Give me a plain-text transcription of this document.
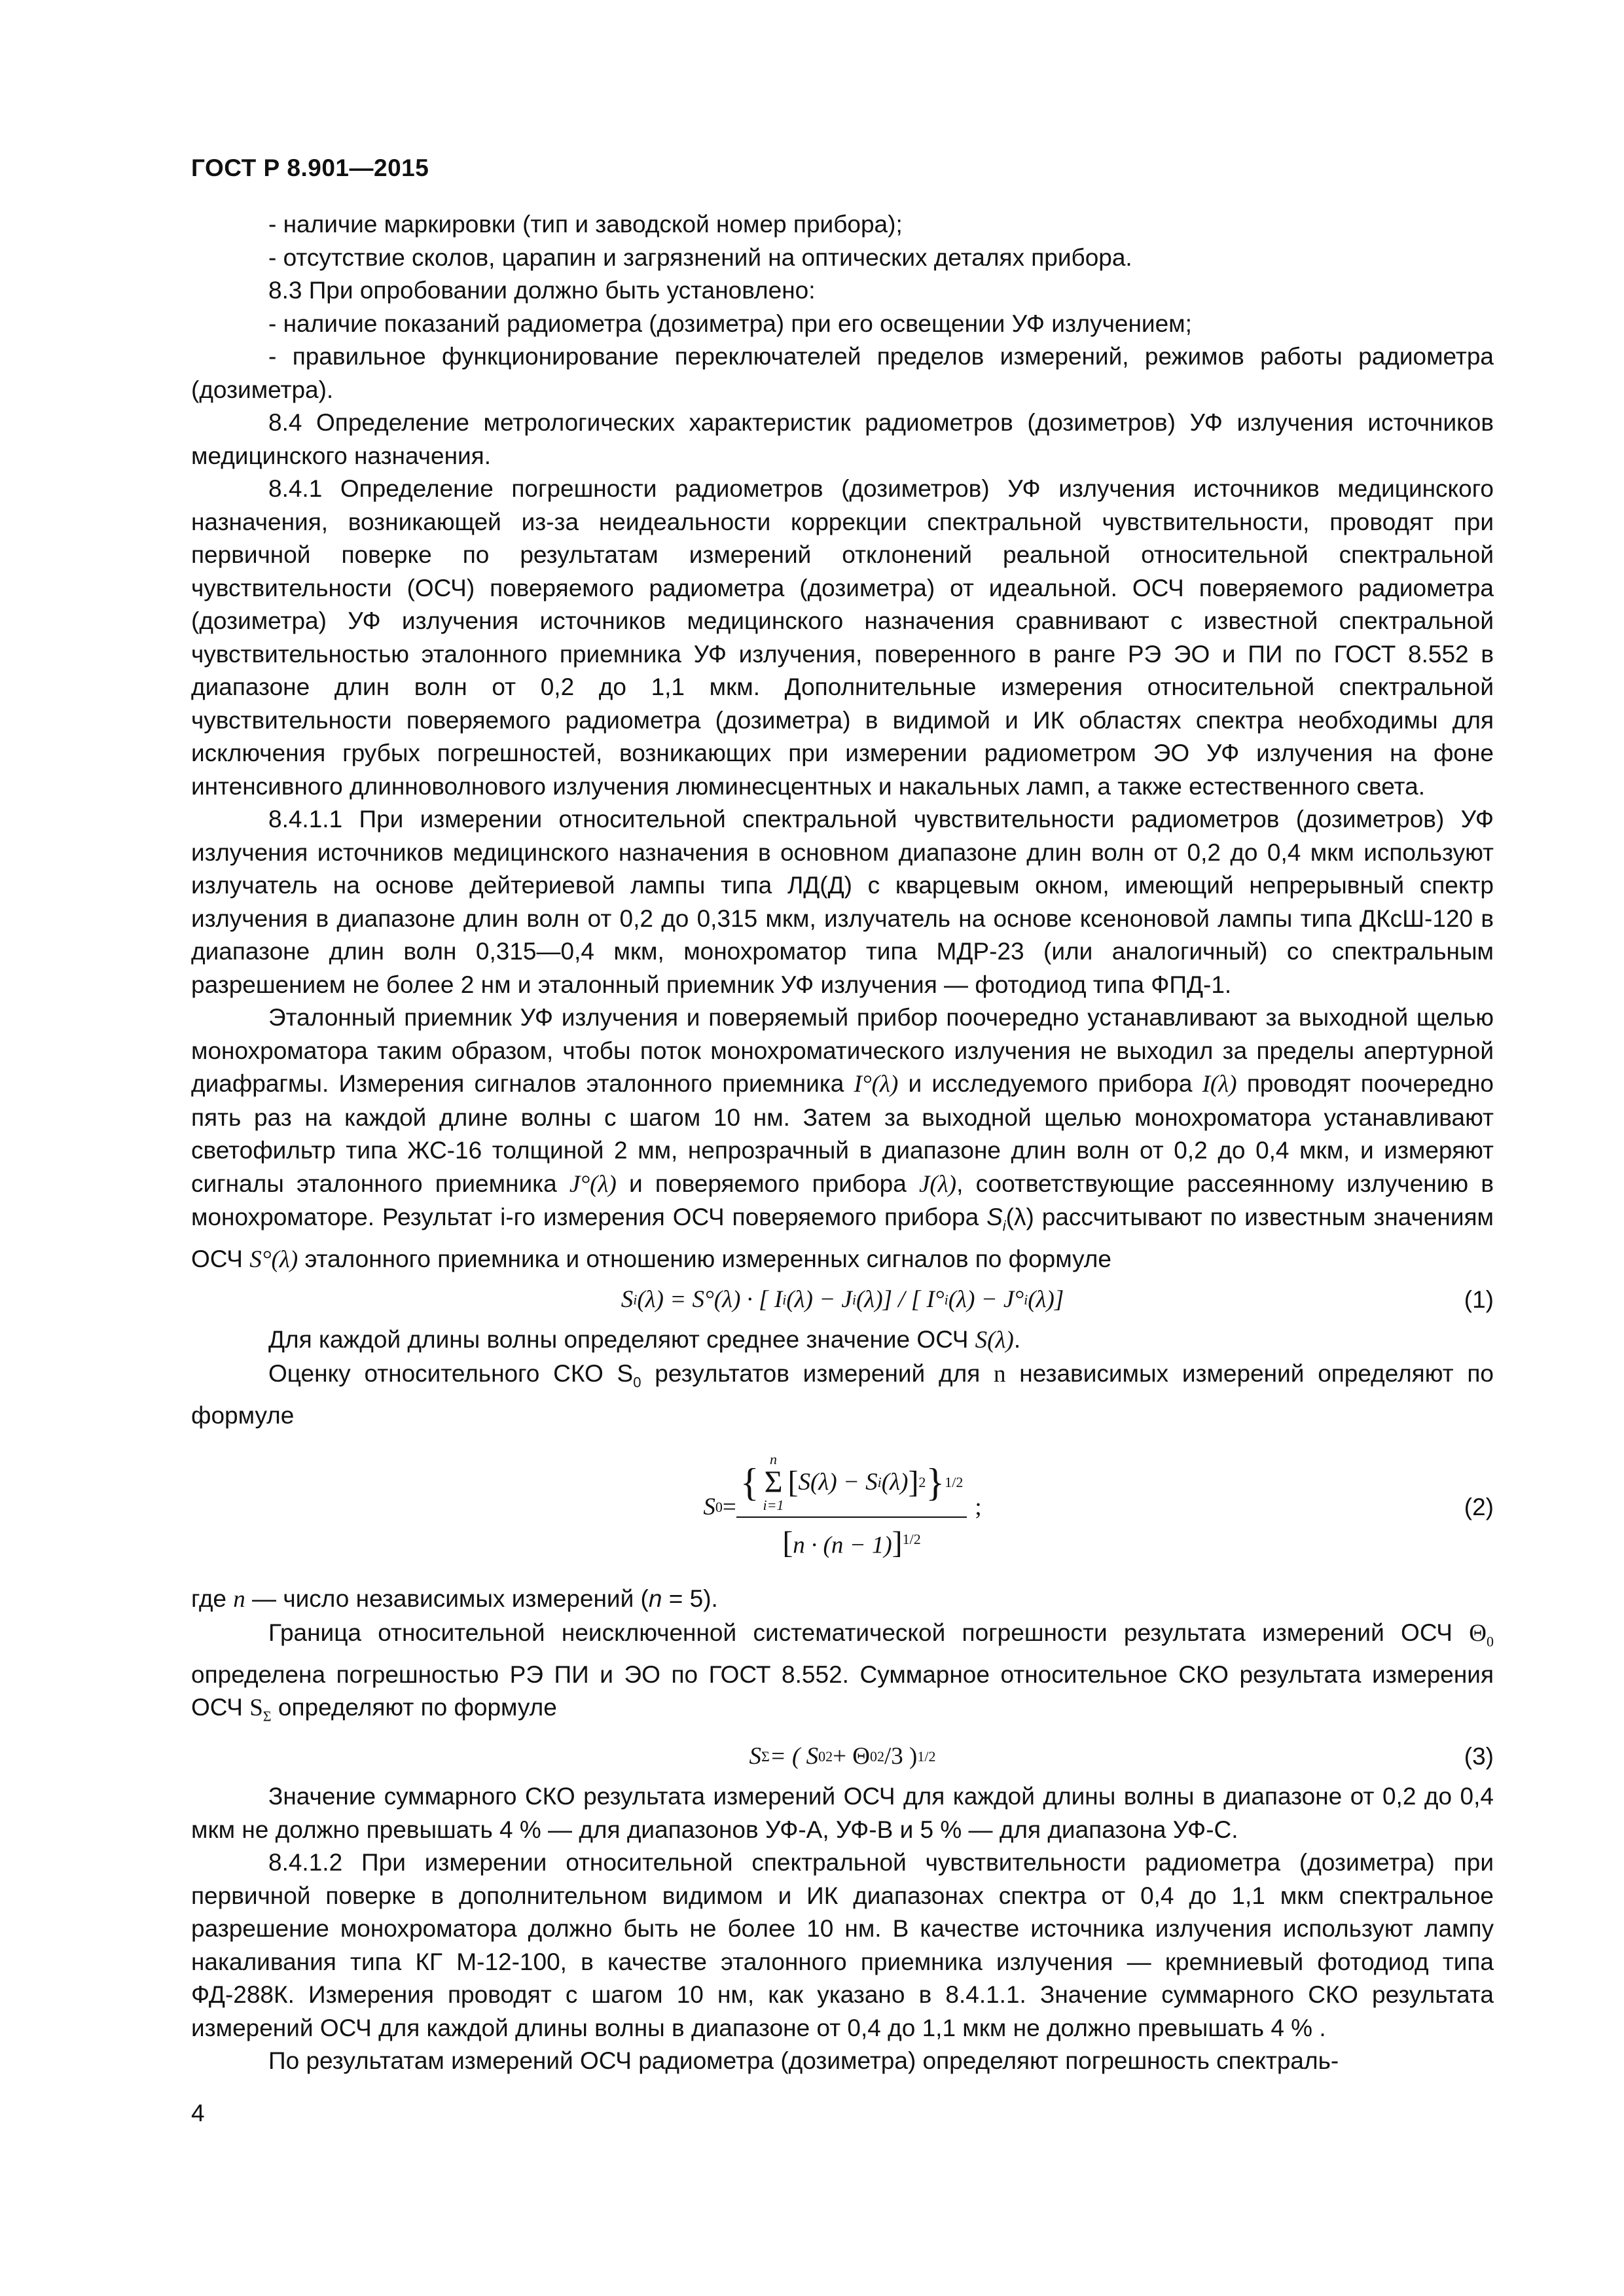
ГОСТ Р 8.901—2015

- наличие маркировки (тип и заводской номер прибора);

- отсутствие сколов, царапин и загрязнений на оптических деталях прибора.

8.3 При опробовании должно быть установлено:

- наличие показаний радиометра (дозиметра) при его освещении УФ излучением;

- правильное функционирование переключателей пределов измерений, режимов работы радиометра (дозиметра).

8.4 Определение метрологических характеристик радиометров (дозиметров) УФ излучения источников медицинского назначения.

8.4.1 Определение погрешности радиометров (дозиметров) УФ излучения источников медицинского назначения, возникающей из-за неидеальности коррекции спектральной чувствительности, проводят при первичной поверке по результатам измерений отклонений реальной относительной спектральной чувствительности (ОСЧ) поверяемого радиометра (дозиметра) от идеальной. ОСЧ поверяемого радиометра (дозиметра) УФ излучения источников медицинского назначения сравнивают с известной спектральной чувствительностью эталонного приемника УФ излучения, поверенного в ранге РЭ ЭО и ПИ по ГОСТ 8.552 в диапазоне длин волн от 0,2 до 1,1 мкм. Дополнительные измерения относительной спектральной чувствительности поверяемого радиометра (дозиметра) в видимой и ИК областях спектра необходимы для исключения грубых погрешностей, возникающих при измерении радиометром ЭО УФ излучения на фоне интенсивного длинноволнового излучения люминесцентных и накальных ламп, а также естественного света.

8.4.1.1 При измерении относительной спектральной чувствительности радиометров (дозиметров) УФ излучения источников медицинского назначения в основном диапазоне длин волн от 0,2 до 0,4 мкм используют излучатель на основе дейтериевой лампы типа ЛД(Д) с кварцевым окном, имеющий непрерывный спектр излучения в диапазоне длин волн от 0,2 до 0,315 мкм, излучатель на основе ксеноновой лампы типа ДКсШ-120 в диапазоне длин волн 0,315—0,4 мкм, монохроматор типа МДР-23 (или аналогичный) со спектральным разрешением не более 2 нм и эталонный приемник УФ излучения — фотодиод типа ФПД-1.

Эталонный приемник УФ излучения и поверяемый прибор поочередно устанавливают за выходной щелью монохроматора таким образом, чтобы поток монохроматического излучения не выходил за пределы апертурной диафрагмы. Измерения сигналов эталонного приемника I°(λ) и исследуемого прибора I(λ) проводят поочередно пять раз на каждой длине волны с шагом 10 нм. Затем за выходной щелью монохроматора устанавливают светофильтр типа ЖС-16 толщиной 2 мм, непрозрачный в диапазоне длин волн от 0,2 до 0,4 мкм, и измеряют сигналы эталонного приемника J°(λ) и поверяемого прибора J(λ), соответствующие рассеянному излучению в монохроматоре. Результат i-го измерения ОСЧ поверяемого прибора $S_i(\lambda)$ рассчитывают по известным значениям ОСЧ S°(λ) эталонного приемника и отношению измеренных сигналов по формуле

S i (λ) = S°(λ) · [ I i (λ) − J i (λ)] / [ I° i (λ) − J° i (λ)]	(1)

Для каждой длины волны определяют среднее значение ОСЧ S(λ).

Оценку относительного СКО $S_0$ результатов измерений для n независимых измерений определяют по формуле

S 0 = {
n
Σ
i=1
[ S(λ) − S i (λ) ] 2 } 1/2
$[n \cdot (n - 1)]^{1/2}$ ;	(2)

где n — число независимых измерений (n = 5).

Граница относительной неисключенной систематической погрешности результата измерений ОСЧ $\Theta_0$ определена погрешностью РЭ ПИ и ЭО по ГОСТ 8.552. Суммарное относительное СКО результата измерения ОСЧ $S_\Sigma$ определяют по формуле

S Σ = ( S 0 2 + Θ 0 2 /3 ) 1/2	(3)

Значение суммарного СКО результата измерений ОСЧ для каждой длины волны в диапазоне от 0,2 до 0,4 мкм не должно превышать 4 % — для диапазонов УФ-А, УФ-В и 5 % — для диапазона УФ-С.

8.4.1.2 При измерении относительной спектральной чувствительности радиометра (дозиметра) при первичной поверке в дополнительном видимом и ИК диапазонах спектра от 0,4 до 1,1 мкм спектральное разрешение монохроматора должно быть не более 10 нм. В качестве источника излучения используют лампу накаливания типа КГ М-12-100, в качестве эталонного приемника излучения — кремниевый фотодиод типа ФД-288К. Измерения проводят с шагом 10 нм, как указано в 8.4.1.1. Значение суммарного СКО результата измерений ОСЧ для каждой длины волны в диапазоне от 0,4 до 1,1 мкм не должно превышать 4 % .

По результатам измерений ОСЧ радиометра (дозиметра) определяют погрешность спектраль-

4
